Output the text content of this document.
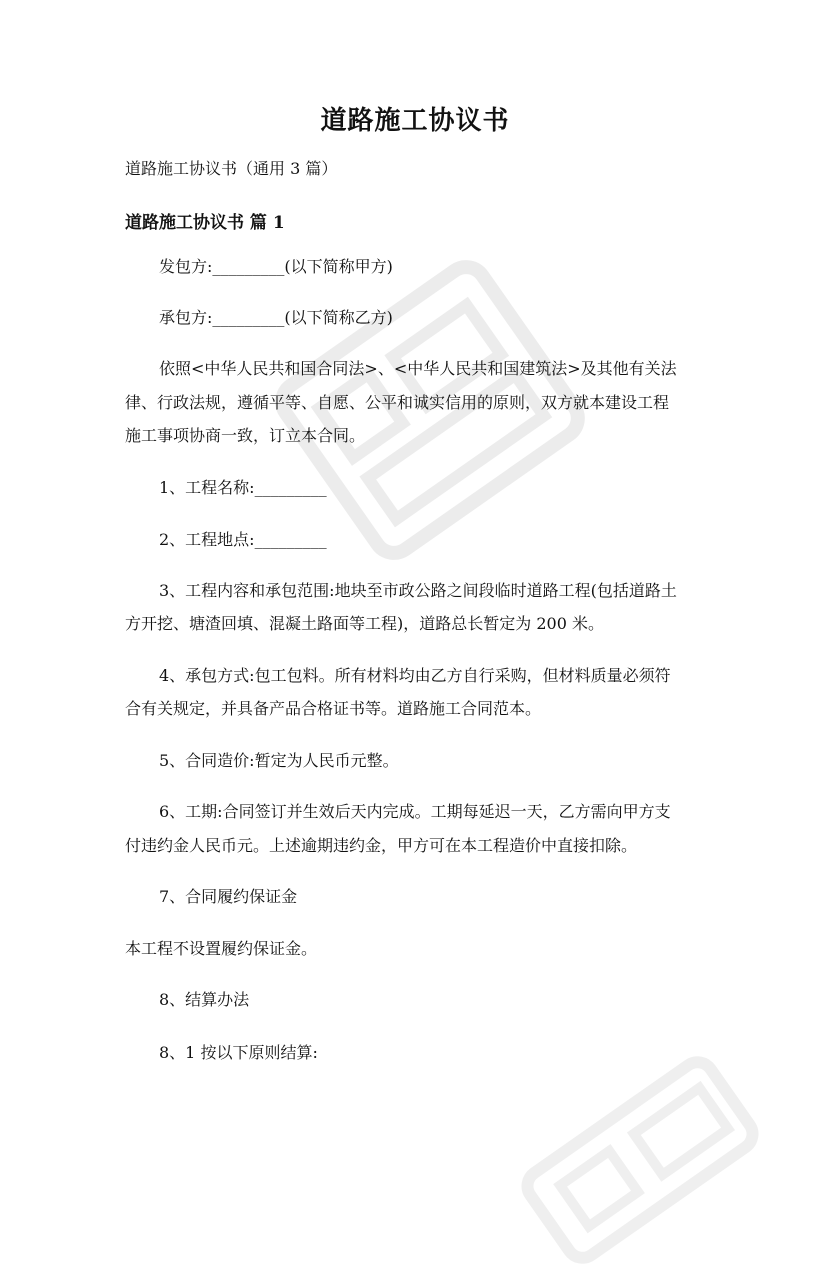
道路施工协议书
道路施工协议书（通用 3 篇）
道路施工协议书 篇 1
发包方:_________(以下简称甲方)
承包方:_________(以下简称乙方)
依照<中华人民共和国合同法>、<中华人民共和国建筑法>及其他有关法
律、行政法规，遵循平等、自愿、公平和诚实信用的原则，双方就本建设工程
施工事项协商一致，订立本合同。
1、工程名称:_________
2、工程地点:_________
3、工程内容和承包范围:地块至市政公路之间段临时道路工程(包括道路土
方开挖、塘渣回填、混凝土路面等工程)，道路总长暂定为 200 米。
4、承包方式:包工包料。所有材料均由乙方自行采购，但材料质量必须符
合有关规定，并具备产品合格证书等。道路施工合同范本。
5、合同造价:暂定为人民币元整。
6、工期:合同签订并生效后天内完成。工期每延迟一天，乙方需向甲方支
付违约金人民币元。上述逾期违约金，甲方可在本工程造价中直接扣除。
7、合同履约保证金
本工程不设置履约保证金。
8、结算办法
8、1 按以下原则结算:
